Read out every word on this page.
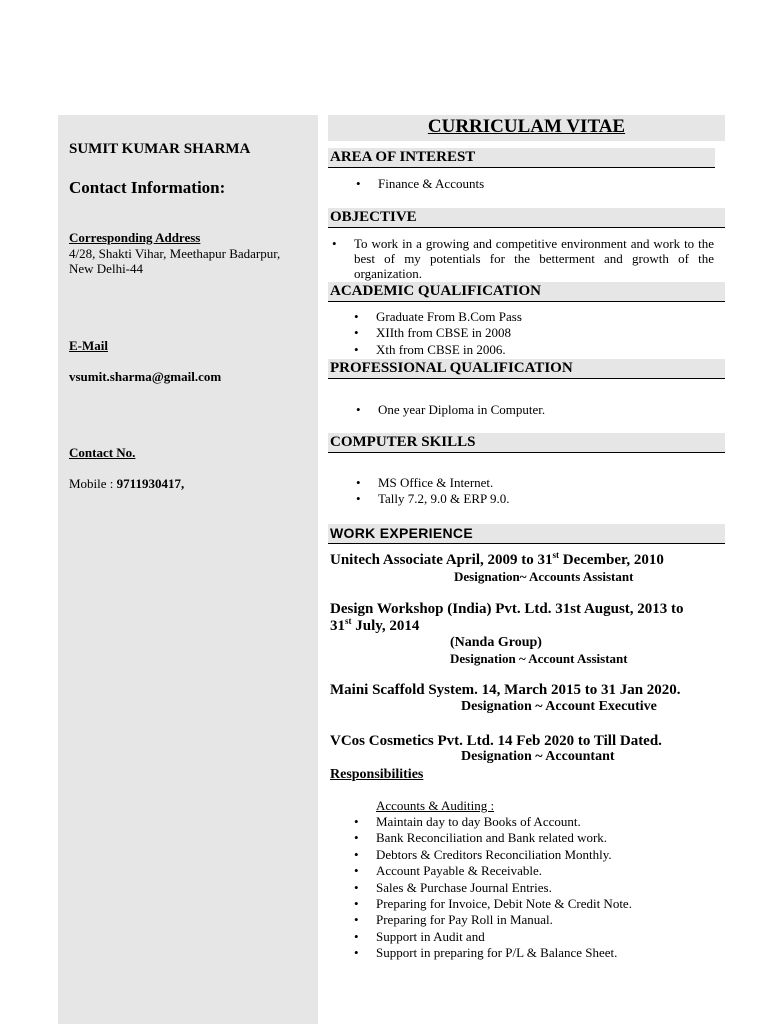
SUMIT KUMAR SHARMA
Contact Information:
Corresponding Address
4/28, Shakti Vihar, Meethapur Badarpur,
New Delhi-44
E-Mail
vsumit.sharma@gmail.com
Contact No.
Mobile : 9711930417,
CURRICULAM VITAE
AREA OF INTEREST
• Finance & Accounts
OBJECTIVE
• To work in a growing and competitive environment and work to the best of my potentials for the betterment and growth of the organization.
ACADEMIC QUALIFICATION
• Graduate From B.Com Pass
• XIIth from CBSE in 2008
• Xth from CBSE in 2006.
PROFESSIONAL QUALIFICATION
• One year Diploma in Computer.
COMPUTER SKILLS
• MS Office & Internet.
• Tally 7.2, 9.0 & ERP 9.0.
WORK EXPERIENCE
Unitech Associate April, 2009 to 31st December, 2010
Designation~ Accounts Assistant
Design Workshop (India) Pvt. Ltd. 31st August, 2013 to
31st July, 2014
(Nanda Group)
Designation ~ Account Assistant
Maini Scaffold System. 14, March 2015 to 31 Jan 2020.
Designation ~ Account Executive
VCos Cosmetics Pvt. Ltd. 14 Feb 2020 to Till Dated.
Designation ~ Accountant
Responsibilities
Accounts & Auditing :
• Maintain day to day Books of Account.
• Bank Reconciliation and Bank related work.
• Debtors & Creditors Reconciliation Monthly.
• Account Payable & Receivable.
• Sales & Purchase Journal Entries.
• Preparing for Invoice, Debit Note & Credit Note.
• Preparing for Pay Roll in Manual.
• Support in Audit and
• Support in preparing for P/L & Balance Sheet.
